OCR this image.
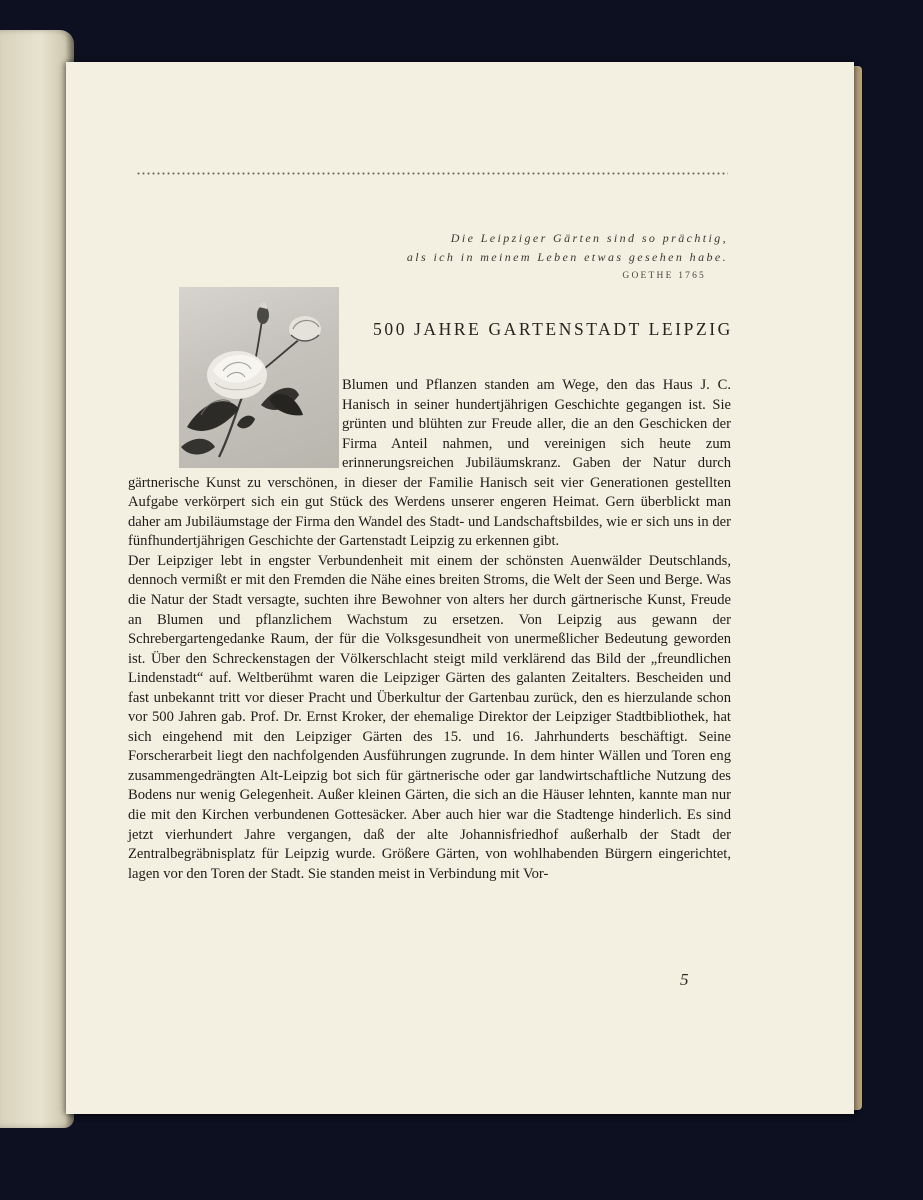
Die Leipziger Gärten sind so prächtig,
als ich in meinem Leben etwas gesehen habe.
GOETHE 1765
500 JAHRE GARTENSTADT LEIPZIG

Blumen und Pflanzen standen am Wege, den das Haus J. C. Hanisch in seiner hundertjährigen Geschichte gegangen ist. Sie grünten und blühten zur Freude aller, die an den Geschicken der Firma Anteil nahmen, und vereinigen sich heute zum erinnerungsreichen Jubiläumskranz. Gaben der Natur durch gärtnerische Kunst zu verschönen, in dieser der Familie Hanisch seit vier Generationen gestellten Aufgabe verkörpert sich ein gut Stück des Werdens unserer engeren Heimat. Gern überblickt man daher am Jubiläumstage der Firma den Wandel des Stadt- und Landschaftsbildes, wie er sich uns in der fünfhundertjährigen Geschichte der Gartenstadt Leipzig zu erkennen gibt.

Der Leipziger lebt in engster Verbundenheit mit einem der schönsten Auenwälder Deutschlands, dennoch vermißt er mit den Fremden die Nähe eines breiten Stroms, die Welt der Seen und Berge. Was die Natur der Stadt versagte, suchten ihre Bewohner von alters her durch gärtnerische Kunst, Freude an Blumen und pflanzlichem Wachstum zu ersetzen. Von Leipzig aus gewann der Schrebergartengedanke Raum, der für die Volksgesundheit von unermeßlicher Bedeutung geworden ist. Über den Schreckenstagen der Völkerschlacht steigt mild verklärend das Bild der „freundlichen Lindenstadt“ auf. Weltberühmt waren die Leipziger Gärten des galanten Zeitalters. Bescheiden und fast unbekannt tritt vor dieser Pracht und Überkultur der Gartenbau zurück, den es hierzulande schon vor 500 Jahren gab. Prof. Dr. Ernst Kroker, der ehemalige Direktor der Leipziger Stadtbibliothek, hat sich eingehend mit den Leipziger Gärten des 15. und 16. Jahrhunderts beschäftigt. Seine Forscherarbeit liegt den nachfolgenden Ausführungen zugrunde. In dem hinter Wällen und Toren eng zusammengedrängten Alt-Leipzig bot sich für gärtnerische oder gar landwirtschaftliche Nutzung des Bodens nur wenig Gelegenheit. Außer kleinen Gärten, die sich an die Häuser lehnten, kannte man nur die mit den Kirchen verbundenen Gottesäcker. Aber auch hier war die Stadtenge hinderlich. Es sind jetzt vierhundert Jahre vergangen, daß der alte Johannisfriedhof außerhalb der Stadt der Zentralbegräbnisplatz für Leipzig wurde. Größere Gärten, von wohlhabenden Bürgern eingerichtet, lagen vor den Toren der Stadt. Sie standen meist in Verbindung mit Vor-

5
